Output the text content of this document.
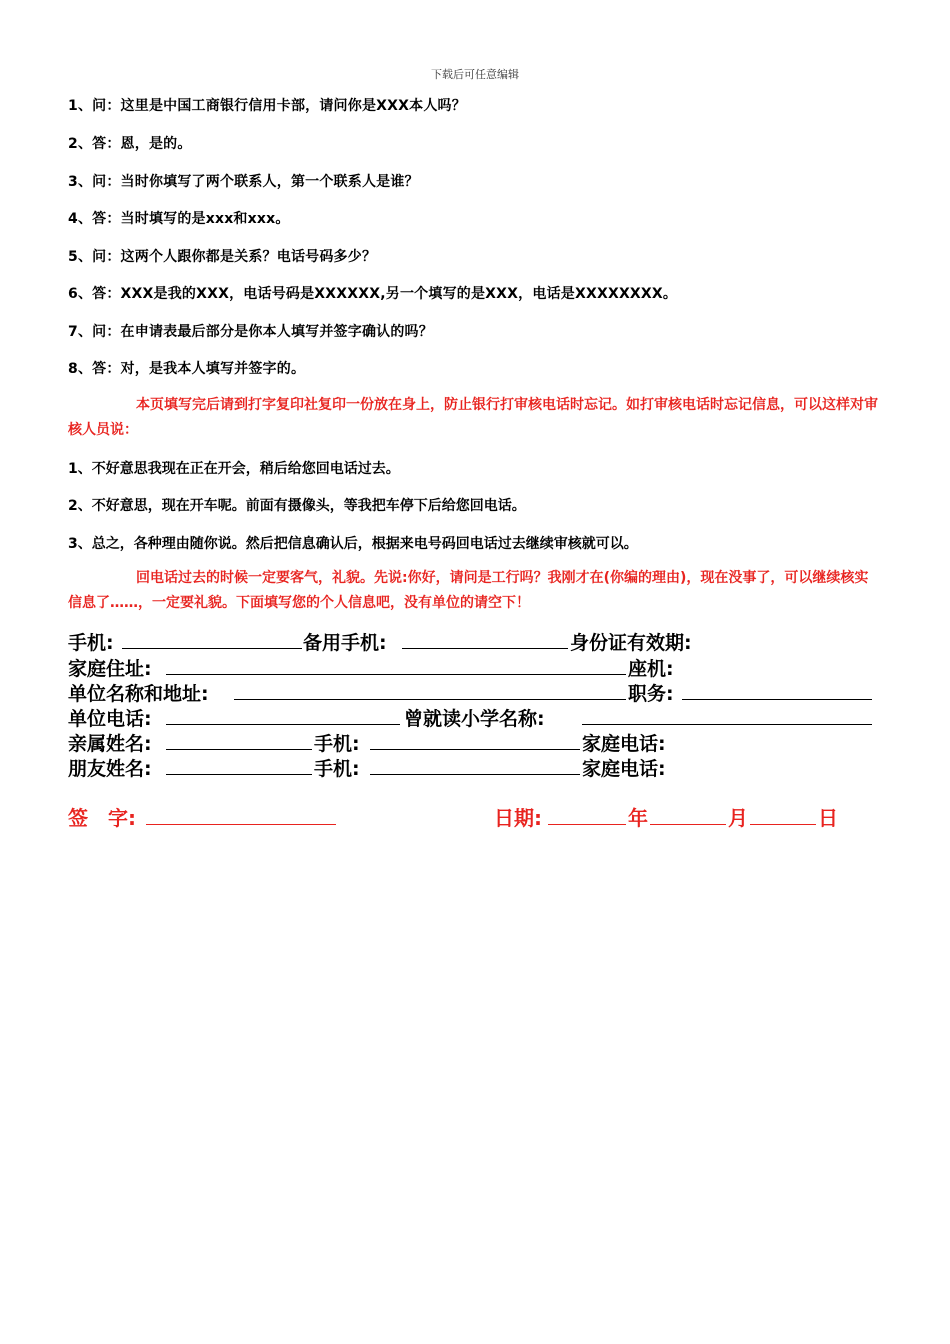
下载后可任意编辑
1、问：这里是中国工商银行信用卡部，请问你是XXX本人吗？
2、答：恩，是的。
3、问：当时你填写了两个联系人，第一个联系人是谁？
4、答：当时填写的是xxx和xxx。
5、问：这两个人跟你都是关系？电话号码多少？
6、答：XXX是我的XXX，电话号码是XXXXXX,另一个填写的是XXX，电话是XXXXXXXX。
7、问：在申请表最后部分是你本人填写并签字确认的吗？
8、答：对，是我本人填写并签字的。
本页填写完后请到打字复印社复印一份放在身上，防止银行打审核电话时忘记。如打审核电话时忘记信息，可以这样对审核人员说：
1、不好意思我现在正在开会，稍后给您回电话过去。
2、不好意思，现在开车呢。前面有摄像头，等我把车停下后给您回电话。
3、总之，各种理由随你说。然后把信息确认后，根据来电号码回电话过去继续审核就可以。
回电话过去的时候一定要客气，礼貌。先说:你好，请问是工行吗？我刚才在(你编的理由)，现在没事了，可以继续核实信息了……，一定要礼貌。下面填写您的个人信息吧，没有单位的请空下！
手机:	备用手机:	身份证有效期:
家庭住址:	座机:
单位名称和地址:	职务:
单位电话:	曾就读小学名称:
亲属姓名:	手机:	家庭电话:
朋友姓名:	手机:	家庭电话:
签　字:	日期:	年	月	日
